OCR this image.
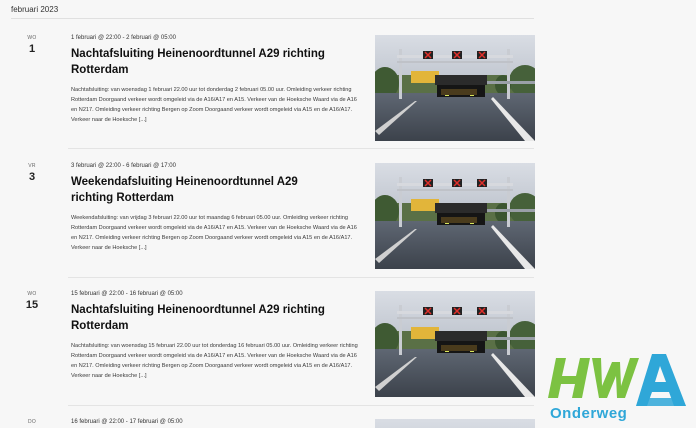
februari 2023
WO
1
1 februari @ 22:00 - 2 februari @ 05:00
Nachtafsluiting Heinenoordtunnel A29 richting Rotterdam
Nachtafsluiting: van woensdag 1 februari 22.00 uur tot donderdag 2 februari 05.00 uur. Omleiding verkeer richting Rotterdam Doorgaand verkeer wordt omgeleid via de A16/A17 en A15. Verkeer van de Hoeksche Waard via de A16 en N217. Omleiding verkeer richting Bergen op Zoom Doorgaand verkeer wordt omgeleid via A15 en de A16/A17. Verkeer naar de Hoeksche [...]
VR
3
3 februari @ 22:00 - 6 februari @ 17:00
Weekendafsluiting Heinenoordtunnel A29 richting Rotterdam
Weekendafsluiting: van vrijdag 3 februari 22.00 uur tot maandag 6 februari 05.00 uur. Omleiding verkeer richting Rotterdam Doorgaand verkeer wordt omgeleid via de A16/A17 en A15. Verkeer van de Hoeksche Waard via de A16 en N217. Omleiding verkeer richting Bergen op Zoom Doorgaand verkeer wordt omgeleid via A15 en de A16/A17. Verkeer naar de Hoeksche [...]
WO
15
15 februari @ 22:00 - 16 februari @ 05:00
Nachtafsluiting Heinenoordtunnel A29 richting Rotterdam
Nachtafsluiting: van woensdag 15 februari 22.00 uur tot donderdag 16 februari 05.00 uur. Omleiding verkeer richting Rotterdam Doorgaand verkeer wordt omgeleid via de A16/A17 en A15. Verkeer van de Hoeksche Waard via de A16 en N217. Omleiding verkeer richting Bergen op Zoom Doorgaand verkeer wordt omgeleid via A15 en de A16/A17. Verkeer naar de Hoeksche [...]
DO	16 februari @ 22:00 - 17 februari @ 05:00	Onderweg
